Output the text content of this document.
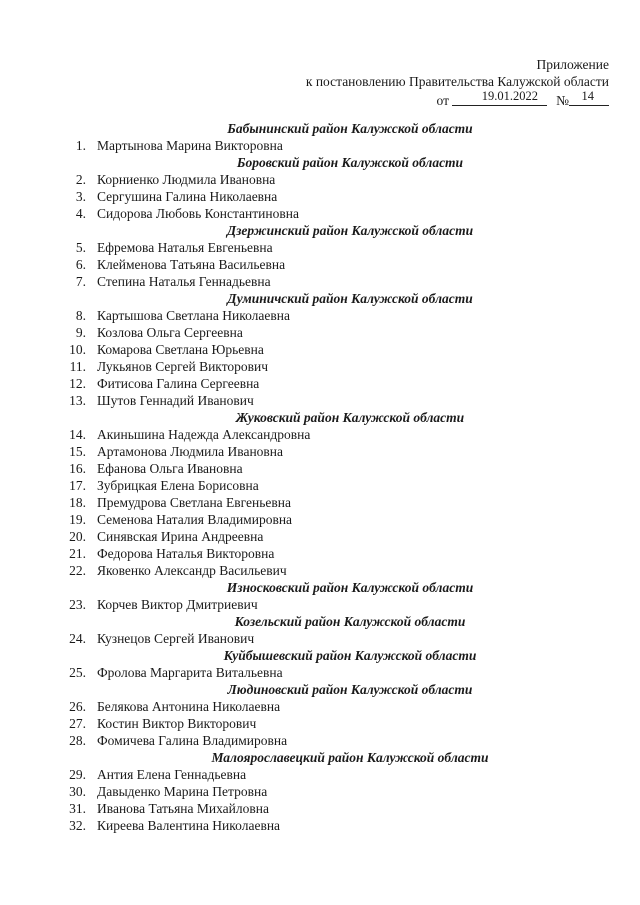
Приложение
к постановлению Правительства Калужской области
от	19.01.2022 № 14
Бабынинский район Калужской области
1. Мартынова Марина Викторовна
Боровский район Калужской области
2. Корниенко Людмила Ивановна
3. Сергушина Галина Николаевна
4. Сидорова Любовь Константиновна
Дзержинский район Калужской области
5. Ефремова Наталья Евгеньевна
6. Клейменова Татьяна Васильевна
7. Степина Наталья Геннадьевна
Думиничский район Калужской области
8. Картышова Светлана Николаевна
9. Козлова Ольга Сергеевна
10. Комарова Светлана Юрьевна
11. Лукьянов Сергей Викторович
12. Фитисова Галина Сергеевна
13. Шутов Геннадий Иванович
Жуковский район Калужской области
14. Акиньшина Надежда Александровна
15. Артамонова Людмила Ивановна
16. Ефанова Ольга Ивановна
17. Зубрицкая Елена Борисовна
18. Премудрова Светлана Евгеньевна
19. Семенова Наталия Владимировна
20. Синявская Ирина Андреевна
21. Федорова Наталья Викторовна
22. Яковенко Александр Васильевич
Износковский район Калужской области
23. Корчев Виктор Дмитриевич
Козельский район Калужской области
24. Кузнецов Сергей Иванович
Куйбышевский район Калужской области
25. Фролова Маргарита Витальевна
Людиновский район Калужской области
26. Белякова Антонина Николаевна
27. Костин Виктор Викторович
28. Фомичева Галина Владимировна
Малоярославецкий район Калужской области
29. Антия Елена Геннадьевна
30. Давыденко Марина Петровна
31. Иванова Татьяна Михайловна
32. Киреева Валентина Николаевна
